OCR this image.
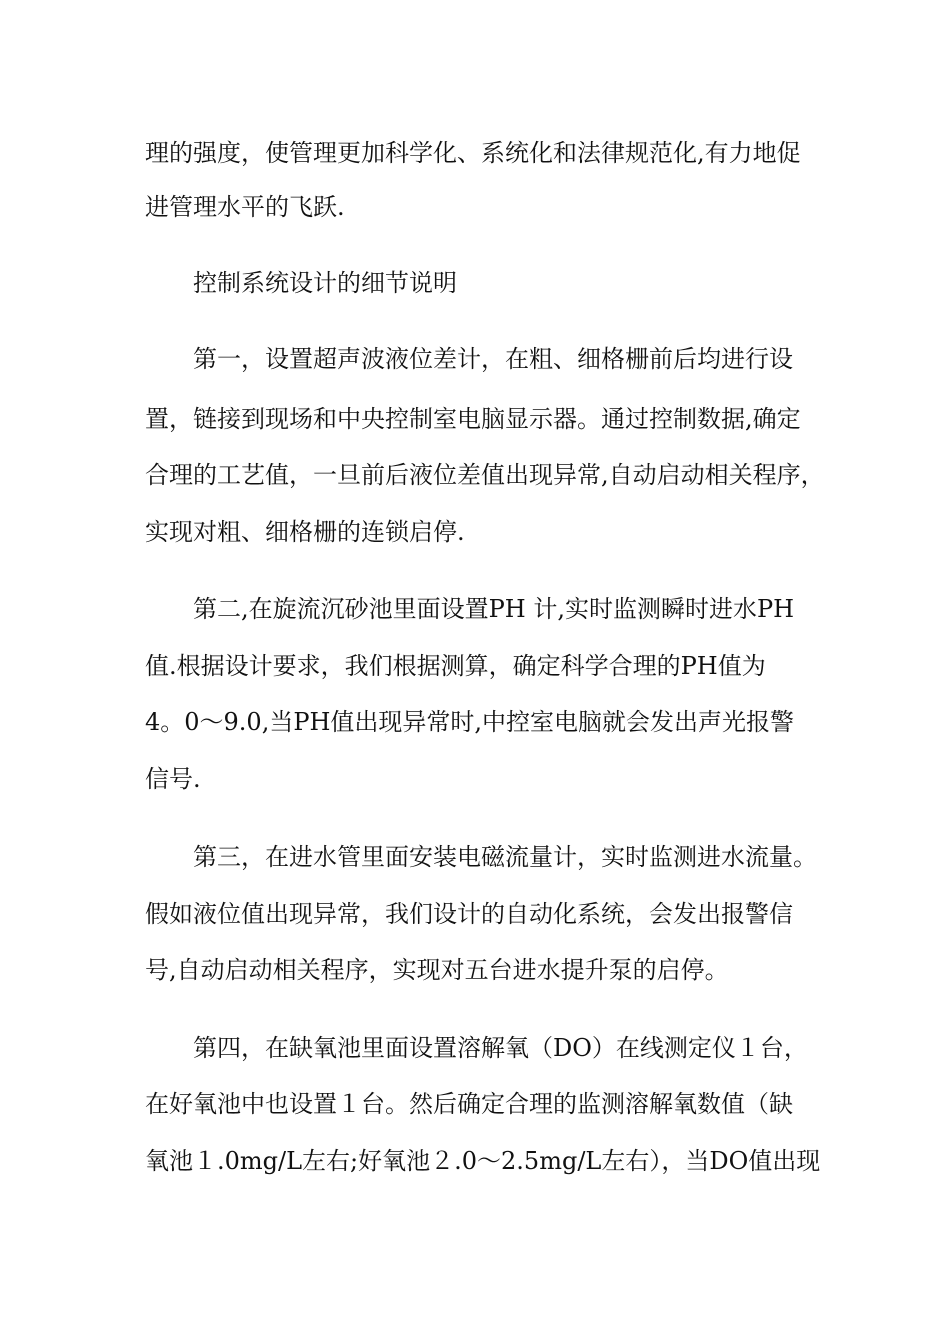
理的强度，使管理更加科学化、系统化和法律规范化,有力地促
进管理水平的飞跃.
控制系统设计的细节说明
第一，设置超声波液位差计，在粗、细格栅前后均进行设
置，链接到现场和中央控制室电脑显示器。通过控制数据,确定
合理的工艺值，一旦前后液位差值出现异常,自动启动相关程序，
实现对粗、细格栅的连锁启停.
第二,在旋流沉砂池里面设置PH 计,实时监测瞬时进水PH
值.根据设计要求，我们根据测算，确定科学合理的PH值为
4。0～9.0,当PH值出现异常时,中控室电脑就会发出声光报警
信号.
第三，在进水管里面安装电磁流量计，实时监测进水流量。
假如液位值出现异常，我们设计的自动化系统，会发出报警信
号,自动启动相关程序，实现对五台进水提升泵的启停。
第四，在缺氧池里面设置溶解氧（DO）在线测定仪１台，
在好氧池中也设置１台。然后确定合理的监测溶解氧数值（缺
氧池１.0mg/L左右;好氧池２.0～2.5mg/L左右），当DO值出现
